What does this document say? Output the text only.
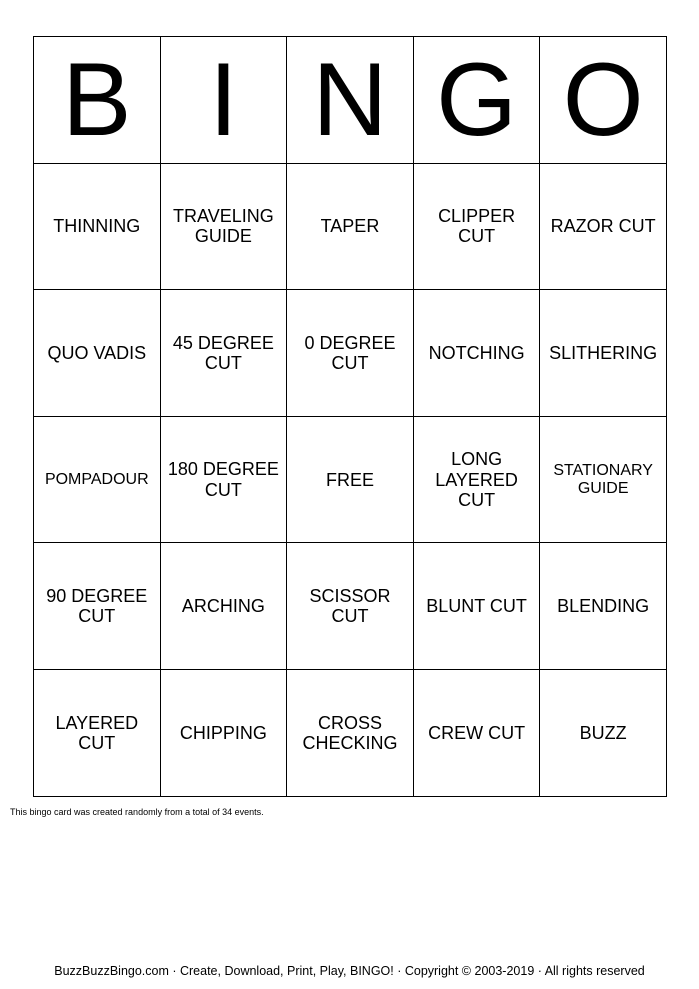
B	I	N	G	O
THINNING	TRAVELING GUIDE	TAPER	CLIPPER CUT	RAZOR CUT
QUO VADIS	45 DEGREE CUT	0 DEGREE CUT	NOTCHING	SLITHERING
POMPADOUR	180 DEGREE CUT	FREE	LONG LAYERED CUT	STATIONARY GUIDE
90 DEGREE CUT	ARCHING	SCISSOR CUT	BLUNT CUT	BLENDING
LAYERED CUT	CHIPPING	CROSS CHECKING	CREW CUT	BUZZ
This bingo card was created randomly from a total of 34 events.
BuzzBuzzBingo.com · Create, Download, Print, Play, BINGO! · Copyright © 2003-2019 · All rights reserved
